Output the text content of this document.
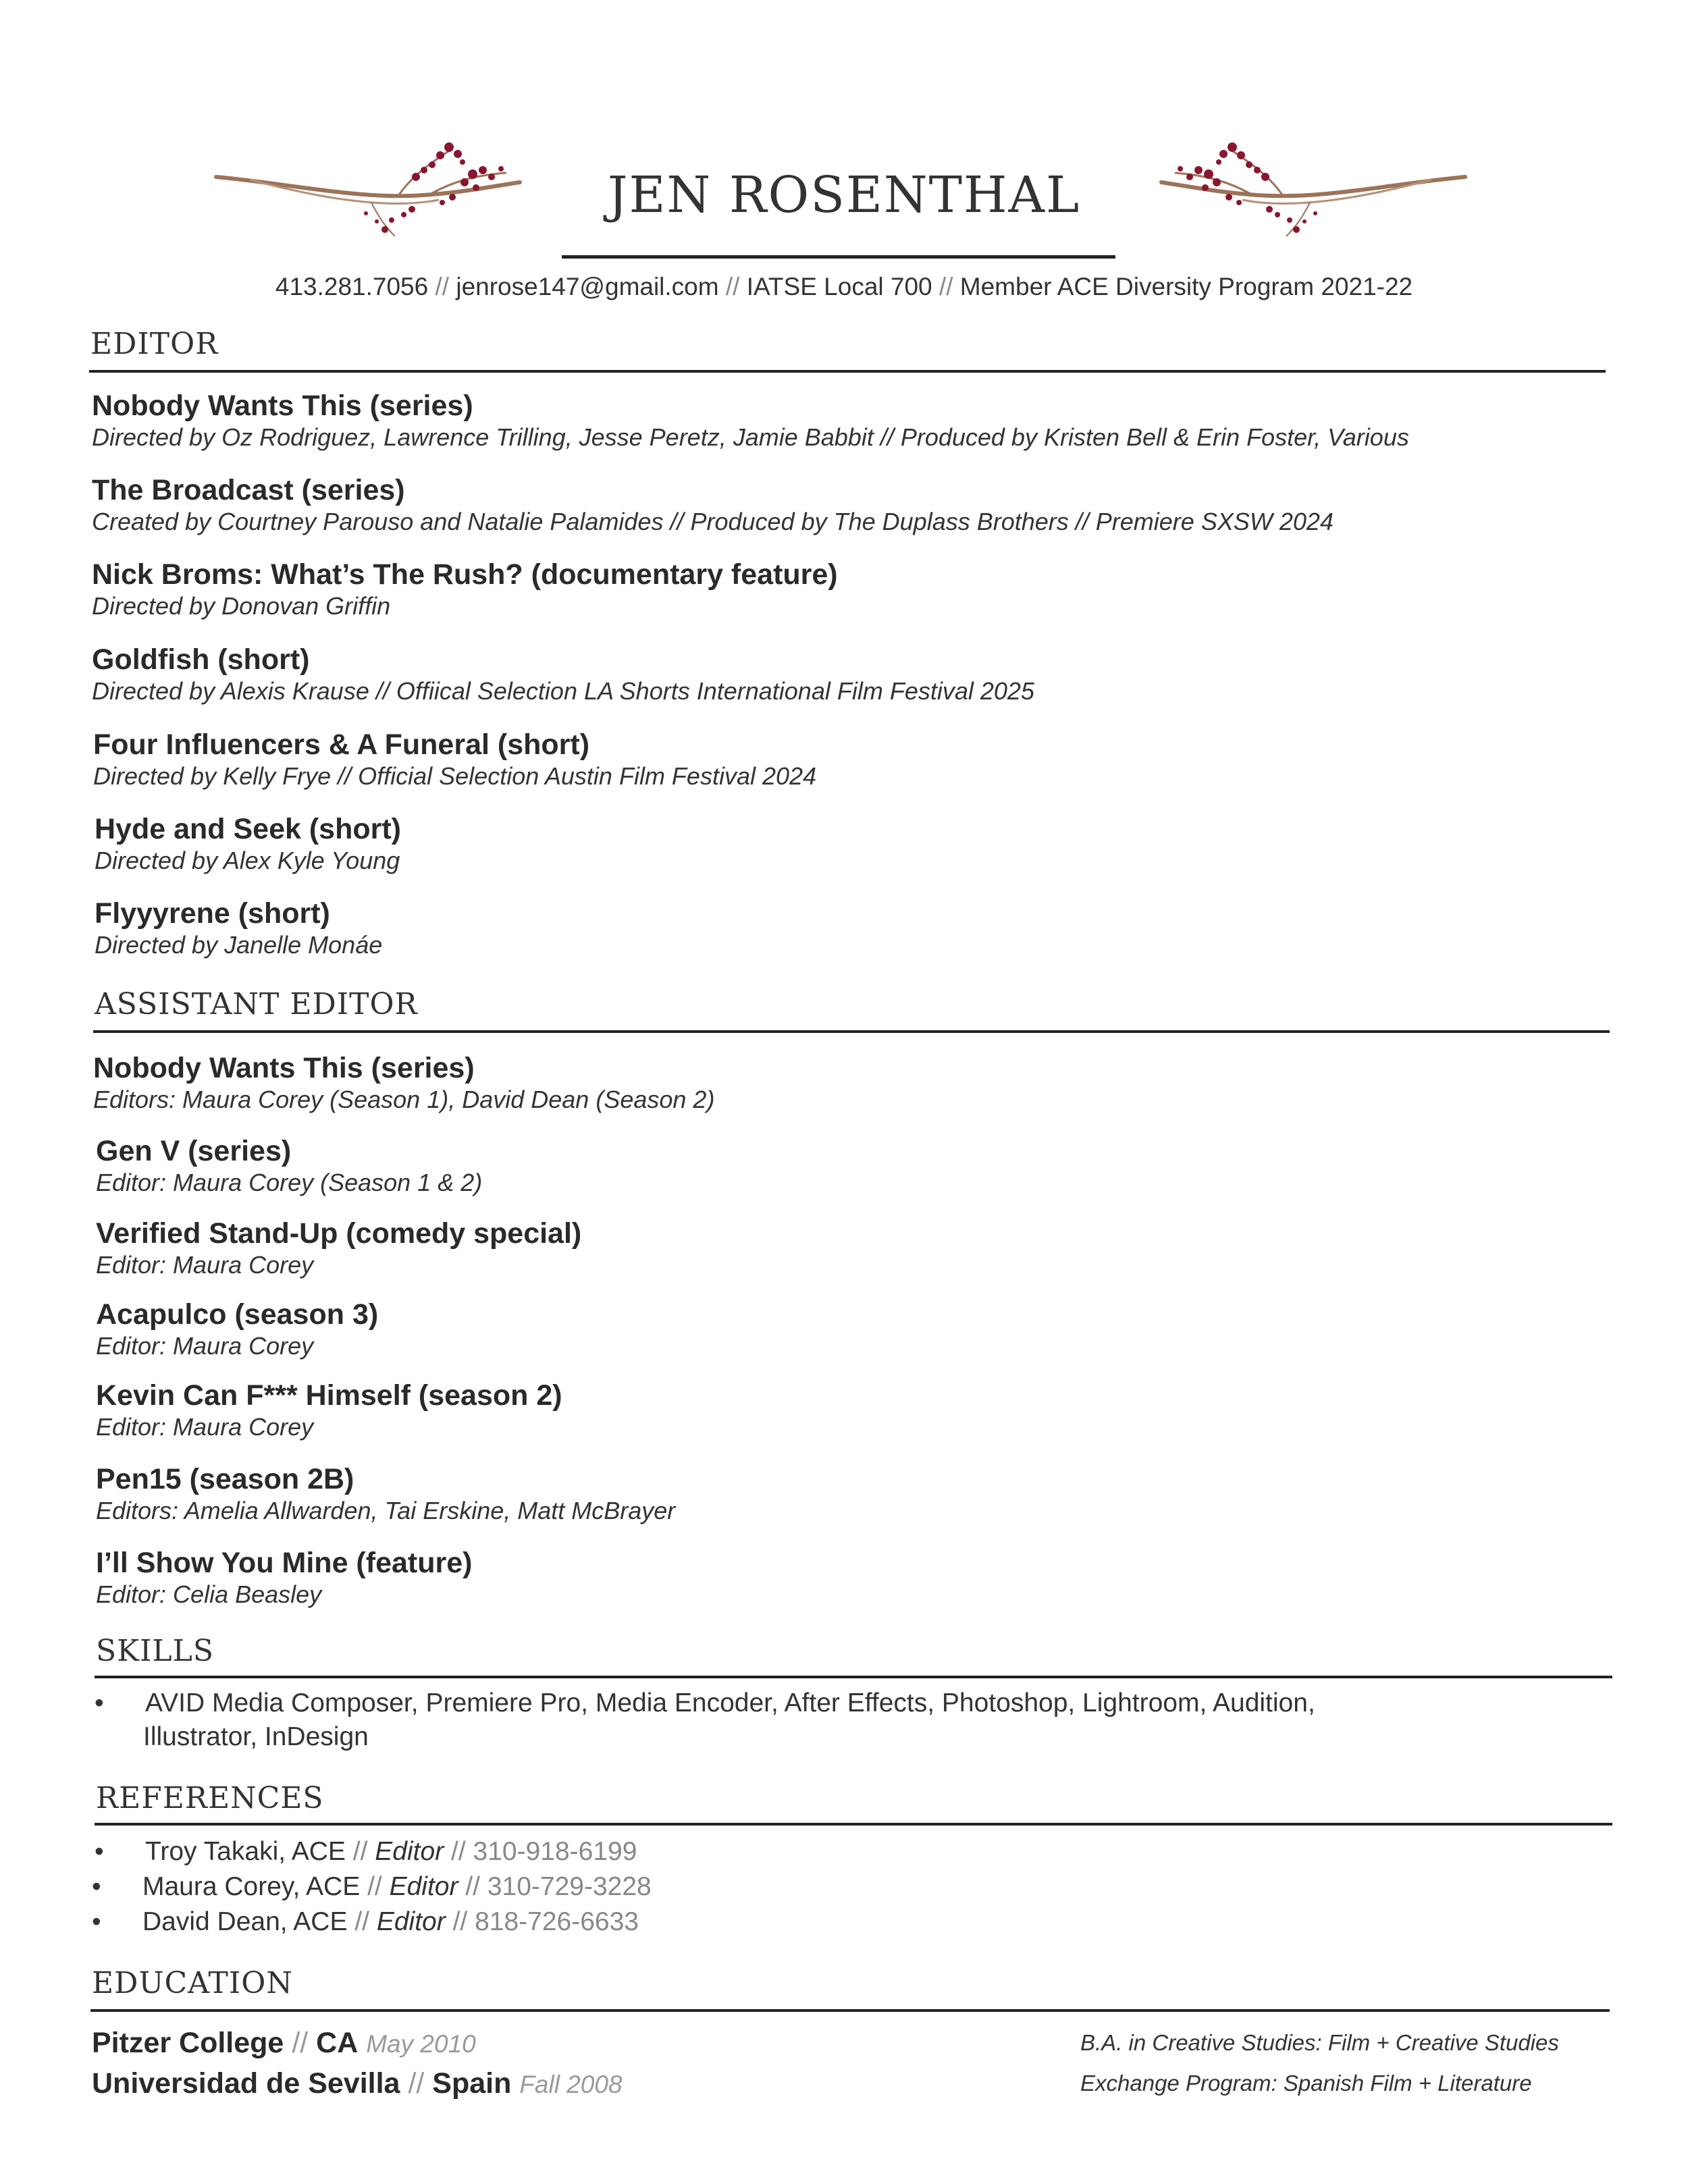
JEN ROSENTHAL
413.281.7056 // jenrose147@gmail.com // IATSE Local 700 // Member ACE Diversity Program 2021-22
EDITOR
Nobody Wants This (series)
Directed by Oz Rodriguez, Lawrence Trilling, Jesse Peretz, Jamie Babbit // Produced by Kristen Bell & Erin Foster, Various
The Broadcast (series)
Created by Courtney Parouso and Natalie Palamides // Produced by The Duplass Brothers // Premiere SXSW 2024
Nick Broms: What’s The Rush? (documentary feature)
Directed by Donovan Griffin
Goldfish (short)
Directed by Alexis Krause // Offiical Selection LA Shorts International Film Festival 2025
Four Influencers & A Funeral (short)
Directed by Kelly Frye // Official Selection Austin Film Festival 2024
Hyde and Seek (short)
Directed by Alex Kyle Young
Flyyyrene (short)
Directed by Janelle Monáe
ASSISTANT EDITOR
Nobody Wants This (series)
Editors: Maura Corey (Season 1), David Dean (Season 2)
Gen V (series)
Editor: Maura Corey (Season 1 & 2)
Verified Stand-Up (comedy special)
Editor: Maura Corey
Acapulco (season 3)
Editor: Maura Corey
Kevin Can F*** Himself (season 2)
Editor: Maura Corey
Pen15 (season 2B)
Editors: Amelia Allwarden, Tai Erskine, Matt McBrayer
I’ll Show You Mine (feature)
Editor: Celia Beasley
SKILLS
• AVID Media Composer, Premiere Pro, Media Encoder, After Effects, Photoshop, Lightroom, Audition,
Illustrator, InDesign
REFERENCES
• Troy Takaki, ACE // Editor // 310-918-6199
• Maura Corey, ACE // Editor // 310-729-3228
• David Dean, ACE // Editor // 818-726-6633
EDUCATION
Pitzer College // CA May 2010	B.A. in Creative Studies: Film + Creative Studies
Universidad de Sevilla // Spain Fall 2008	Exchange Program: Spanish Film + Literature
